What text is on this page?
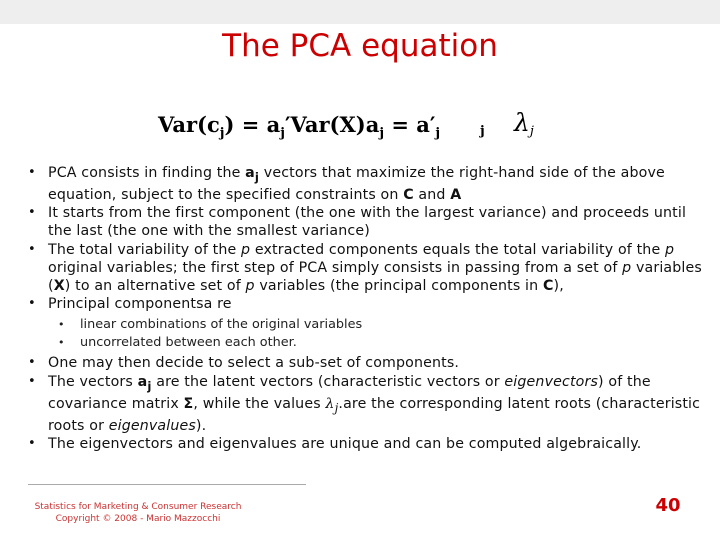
The PCA equation
$Var(c_j) = a_j'Var(X)a_j = a'_j$	j λj
• PCA consists in finding the $a_j$ vectors that maximize the right-hand side of the above equation, subject to the specified constraints on C and A
• It starts from the first component (the one with the largest variance) and proceeds until the last (the one with the smallest variance)
• The total variability of the p extracted components equals the total variability of the p original variables; the first step of PCA simply consists in passing from a set of p variables (X) to an alternative set of p variables (the principal components in C),
• Principal componentsa re
• linear combinations of the original variables
• uncorrelated between each other.
• One may then decide to select a sub-set of components.
• The vectors $a_j$ are the latent vectors (characteristic vectors or eigenvectors) of the covariance matrix Σ, while the values $\lambda_j.are$ the corresponding latent roots (characteristic roots or eigenvalues).
• The eigenvectors and eigenvalues are unique and can be computed algebraically.
Statistics for Marketing & Consumer Research
Copyright © 2008 - Mario Mazzocchi
40
